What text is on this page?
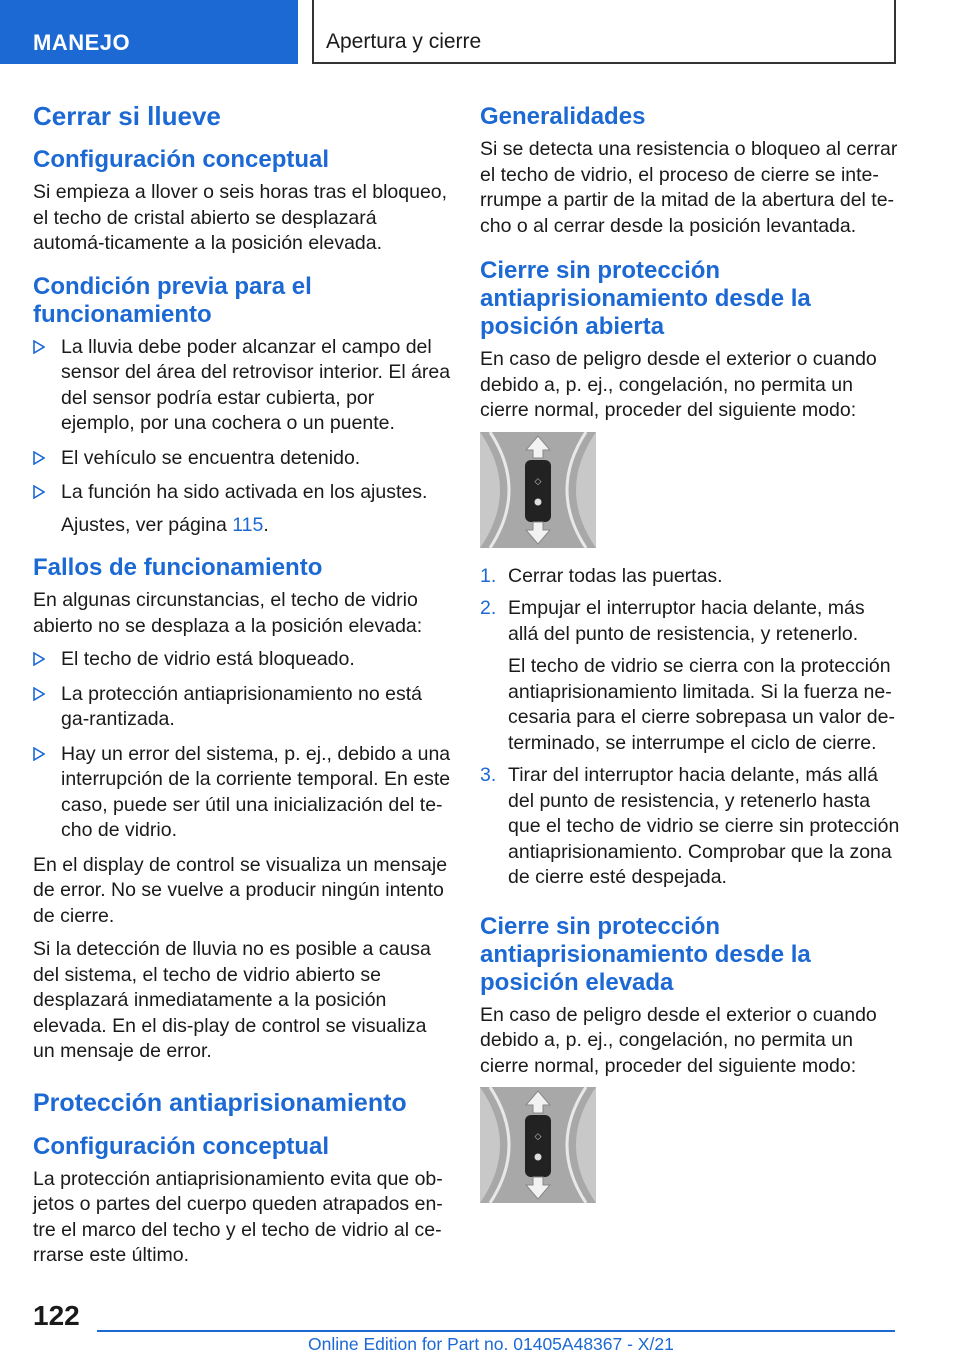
MANEJO	Apertura y cierre
Cerrar si llueve
Configuración conceptual

Si empieza a llover o seis horas tras el bloqueo, el techo de cristal abierto se desplazará automá-ticamente a la posición elevada.

Condición previa para el funcionamiento
La lluvia debe poder alcanzar el campo del sensor del área del retrovisor interior. El área del sensor podría estar cubierta, por ejemplo, por una cochera o un puente.
El vehículo se encuentra detenido.
La función ha sido activada en los ajustes.
Ajustes, ver página 115.
Fallos de funcionamiento

En algunas circunstancias, el techo de vidrio abierto no se desplaza a la posición elevada:

El techo de vidrio está bloqueado.
La protección antiaprisionamiento no está ga-rantizada.
Hay un error del sistema, p. ej., debido a una interrupción de la corriente temporal. En este caso, puede ser útil una inicialización del te-cho de vidrio.

En el display de control se visualiza un mensaje de error. No se vuelve a producir ningún intento de cierre.

Si la detección de lluvia no es posible a causa del sistema, el techo de vidrio abierto se desplazará inmediatamente a la posición elevada. En el dis-play de control se visualiza un mensaje de error.

Protección antiaprisionamiento
Configuración conceptual

La protección antiaprisionamiento evita que ob-jetos o partes del cuerpo queden atrapados en-tre el marco del techo y el techo de vidrio al ce-rrarse este último.

Generalidades

Si se detecta una resistencia o bloqueo al cerrar el techo de vidrio, el proceso de cierre se inte-rrumpe a partir de la mitad de la abertura del te-cho o al cerrar desde la posición levantada.

Cierre sin protección antiaprisionamiento desde la posición abierta

En caso de peligro desde el exterior o cuando debido a, p. ej., congelación, no permita un cierre normal, proceder del siguiente modo:

◇
1. Cerrar todas las puertas.
2. Empujar el interruptor hacia delante, más allá del punto de resistencia, y retenerlo.
El techo de vidrio se cierra con la protección antiaprisionamiento limitada. Si la fuerza ne-cesaria para el cierre sobrepasa un valor de-terminado, se interrumpe el ciclo de cierre.
3. Tirar del interruptor hacia delante, más allá del punto de resistencia, y retenerlo hasta que el techo de vidrio se cierre sin protección antiaprisionamiento. Comprobar que la zona de cierre esté despejada.
Cierre sin protección antiaprisionamiento desde la posición elevada

En caso de peligro desde el exterior o cuando debido a, p. ej., congelación, no permita un cierre normal, proceder del siguiente modo:

◇
122
Online Edition for Part no. 01405A48367 - X/21
